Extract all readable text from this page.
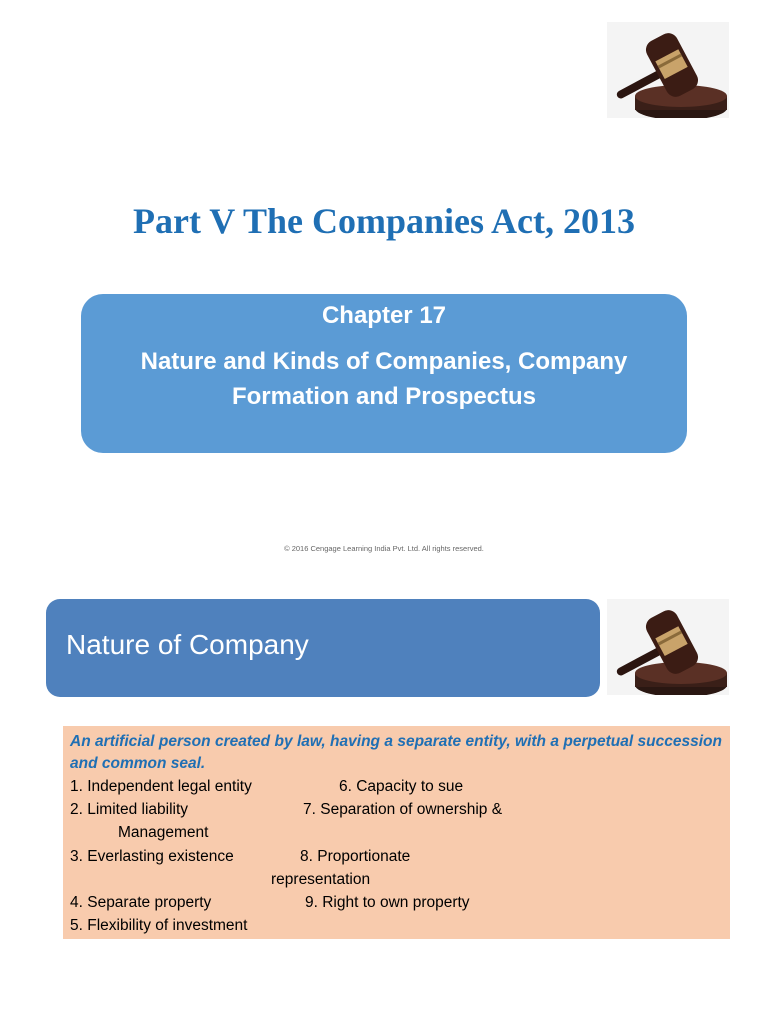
Part V The Companies Act, 2013
Chapter 17
Nature and Kinds of Companies, Company Formation and Prospectus
© 2016 Cengage Learning India Pvt. Ltd. All rights reserved.
Nature of Company
An artificial person created by law, having a separate entity, with a perpetual succession and common seal.
1. Independent legal entity	6. Capacity to sue
2. Limited liability	7. Separation of ownership &
Management
3. Everlasting existence	8. Proportionate
representation
4. Separate property	9. Right to own property
5. Flexibility of investment
